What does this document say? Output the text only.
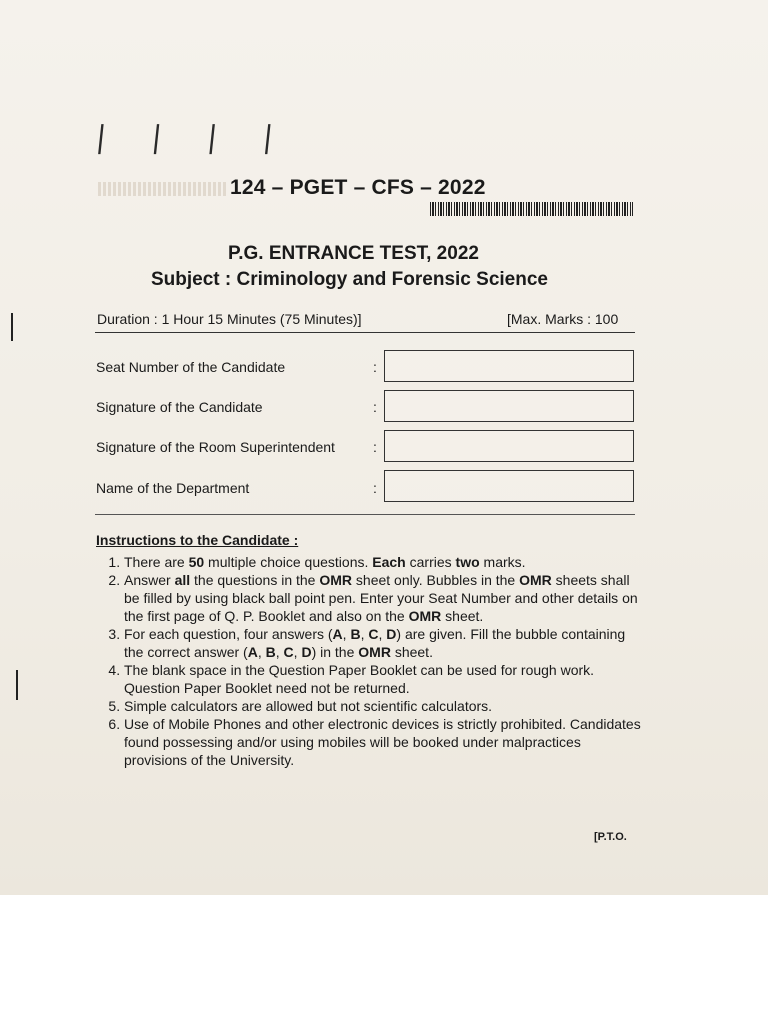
| | | |
124 – PGET – CFS – 2022
P.G. ENTRANCE TEST, 2022
Subject : Criminology and Forensic Science
Duration : 1 Hour 15 Minutes (75 Minutes)]	[Max. Marks : 100
Seat Number of the Candidate	:
Signature of the Candidate	:
Signature of the Room Superintendent	:
Name of the Department	:
Instructions to the Candidate :
1. There are 50 multiple choice questions. Each carries two marks.
2. Answer all the questions in the OMR sheet only. Bubbles in the OMR sheets shall be filled by using black ball point pen. Enter your Seat Number and other details on the first page of Q. P. Booklet and also on the OMR sheet.
3. For each question, four answers (A, B, C, D) are given. Fill the bubble containing the correct answer (A, B, C, D) in the OMR sheet.
4. The blank space in the Question Paper Booklet can be used for rough work. Question Paper Booklet need not be returned.
5. Simple calculators are allowed but not scientific calculators.
6. Use of Mobile Phones and other electronic devices is strictly prohibited. Candidates found possessing and/or using mobiles will be booked under malpractices provisions of the University.
[P.T.O.
